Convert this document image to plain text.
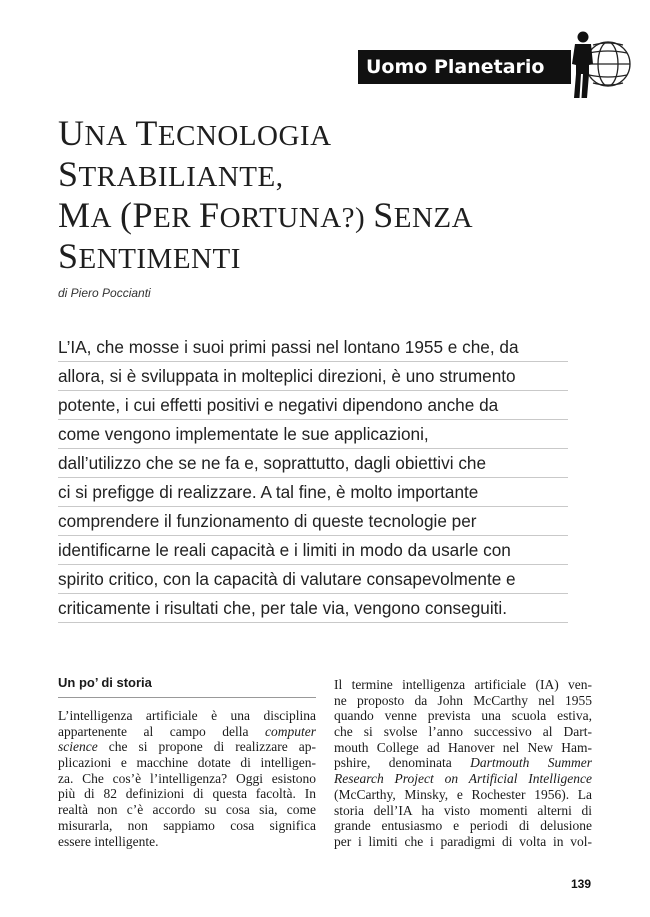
Uomo Planetario
UNA TECNOLOGIA
STRABILIANTE,
MA (PER FORTUNA?) SENZA
SENTIMENTI
di Piero Poccianti
L’IA, che mosse i suoi primi passi nel lontano 1955 e che, da
allora, si è sviluppata in molteplici direzioni, è uno strumento
potente, i cui effetti positivi e negativi dipendono anche da
come vengono implementate le sue applicazioni,
dall’utilizzo che se ne fa e, soprattutto, dagli obiettivi che
ci si prefigge di realizzare. A tal fine, è molto importante
comprendere il funzionamento di queste tecnologie per
identificarne le reali capacità e i limiti in modo da usarle con
spirito critico, con la capacità di valutare consapevolmente e
criticamente i risultati che, per tale via, vengono conseguiti.
Un po’ di storia
L’intelligenza artificiale è una disciplina
appartenente al campo della computer
science che si propone di realizzare ap-
plicazioni e macchine dotate di intelligen-
za. Che cos’è l’intelligenza? Oggi esistono
più di 82 definizioni di questa facoltà. In
realtà non c’è accordo su cosa sia, come
misurarla, non sappiamo cosa significa
essere intelligente.
Il termine intelligenza artificiale (IA) ven-
ne proposto da John McCarthy nel 1955
quando venne prevista una scuola estiva,
che si svolse l’anno successivo al Dart-
mouth College ad Hanover nel New Ham-
pshire, denominata Dartmouth Summer
Research Project on Artificial Intelligence
(McCarthy, Minsky, e Rochester 1956). La
storia dell’IA ha visto momenti alterni di
grande entusiasmo e periodi di delusione
per i limiti che i paradigmi di volta in vol-
139
